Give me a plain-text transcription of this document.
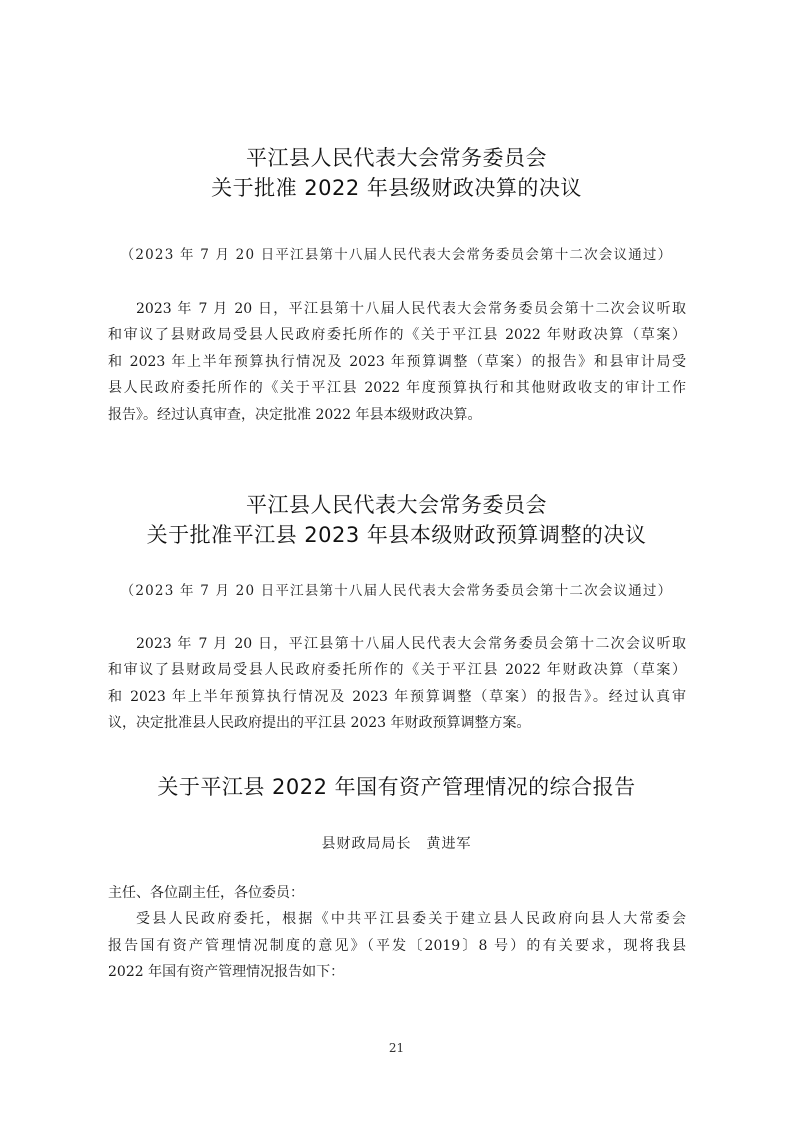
平江县人民代表大会常务委员会
关于批准 2022 年县级财政决算的决议
（2023 年 7 月 20 日平江县第十八届人民代表大会常务委员会第十二次会议通过）
2023 年 7 月 20 日，平江县第十八届人民代表大会常务委员会第十二次会议听取
和审议了县财政局受县人民政府委托所作的《关于平江县 2022 年财政决算（草案）
和 2023 年上半年预算执行情况及 2023 年预算调整（草案）的报告》和县审计局受
县人民政府委托所作的《关于平江县 2022 年度预算执行和其他财政收支的审计工作
报告》。经过认真审查，决定批准 2022 年县本级财政决算。
平江县人民代表大会常务委员会
关于批准平江县 2023 年县本级财政预算调整的决议
（2023 年 7 月 20 日平江县第十八届人民代表大会常务委员会第十二次会议通过）
2023 年 7 月 20 日，平江县第十八届人民代表大会常务委员会第十二次会议听取
和审议了县财政局受县人民政府委托所作的《关于平江县 2022 年财政决算（草案）
和 2023 年上半年预算执行情况及 2023 年预算调整（草案）的报告》。经过认真审
议，决定批准县人民政府提出的平江县 2023 年财政预算调整方案。
关于平江县 2022 年国有资产管理情况的综合报告
县财政局局长　黄进军
主任、各位副主任，各位委员：
受县人民政府委托，根据《中共平江县委关于建立县人民政府向县人大常委会
报告国有资产管理情况制度的意见》（平发〔2019〕8 号）的有关要求，现将我县
2022 年国有资产管理情况报告如下：
21
